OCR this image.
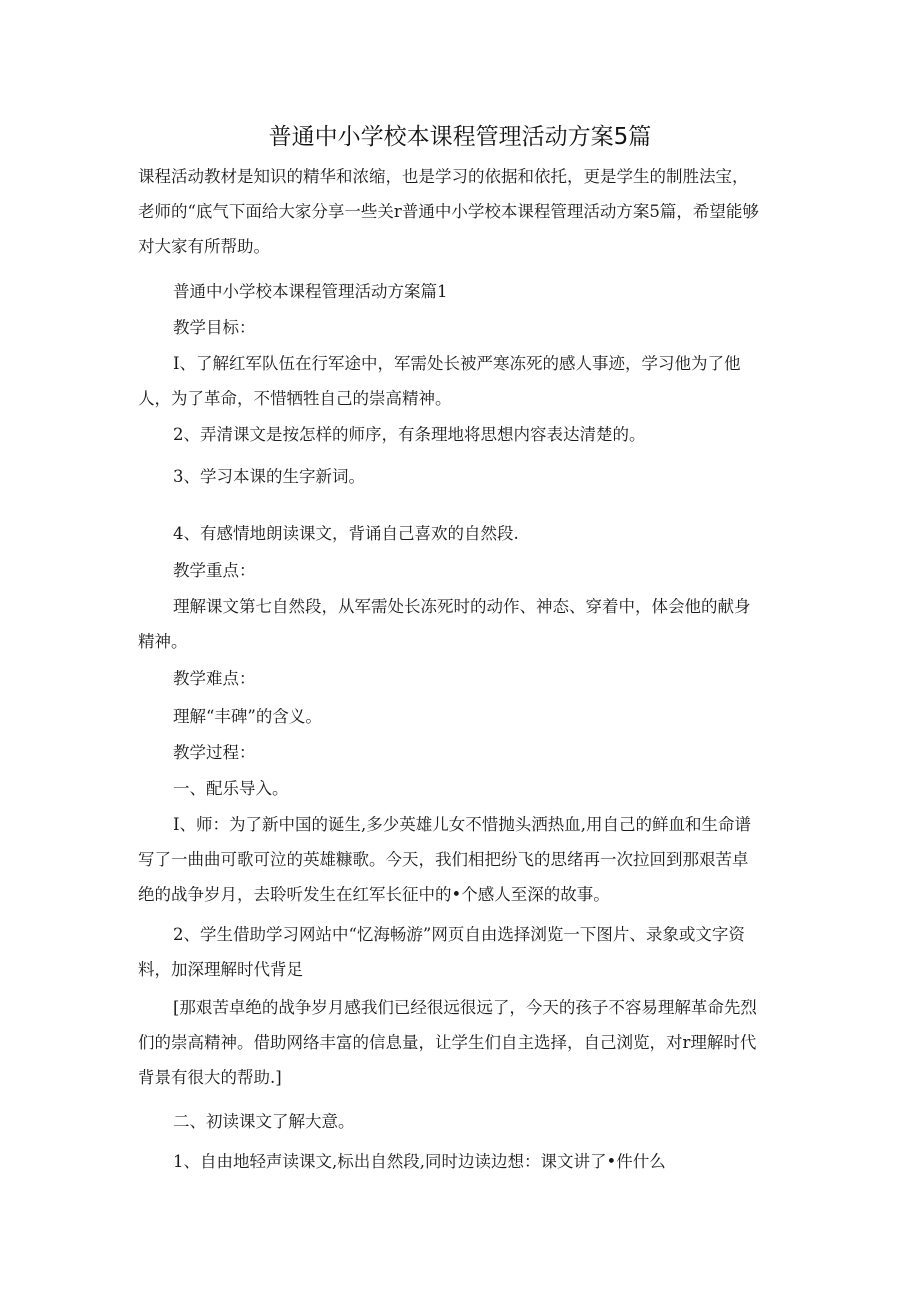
普通中小学校本课程管理活动方案5篇
课程活动教材是知识的精华和浓缩，也是学习的依据和依托，更是学生的制胜法宝，
老师的“底气下面给大家分享一些关r普通中小学校本课程管理活动方案5篇，希望能够
对大家有所帮助。

普通中小学校本课程管理活动方案篇1

教学目标：

I、了解红军队伍在行军途中，军需处长被严寒冻死的感人事迹，学习他为了他
人，为了革命，不惜牺牲自己的崇高精神。

2、弄清课文是按怎样的师序，有条理地将思想内容表达清楚的。

3、学习本课的生字新词。

4、有感情地朗读课文，背诵自己喜欢的自然段.

教学重点：

理解课文第七自然段，从军需处长冻死时的动作、神态、穿着中，体会他的献身
精神。

教学难点：

理解“丰碑”的含义。

教学过程：

一、配乐导入。

I、师：为了新中国的诞生,多少英雄儿女不惜抛头洒热血,用自己的鲜血和生命谱
写了一曲曲可歌可泣的英雄糠歌。今天，我们相把纷飞的思绪再一次拉回到那艰苦卓
绝的战争岁月，去聆听发生在红军长征中的•个感人至深的故事。
2、学生借助学习网站中“忆海畅游”网页自由选择浏览一下图片、录象或文字资
料，加深理解时代背足
[那艰苦卓绝的战争岁月感我们已经很远很远了，今天的孩子不容易理解革命先烈
们的崇高精神。借助网络丰富的信息量，让学生们自主选择，自己浏览，对r理解时代
背景有很大的帮助.]

二、初读课文了解大意。

1、自由地轻声读课文,标出自然段,同时边读边想：课文讲了•件什么
